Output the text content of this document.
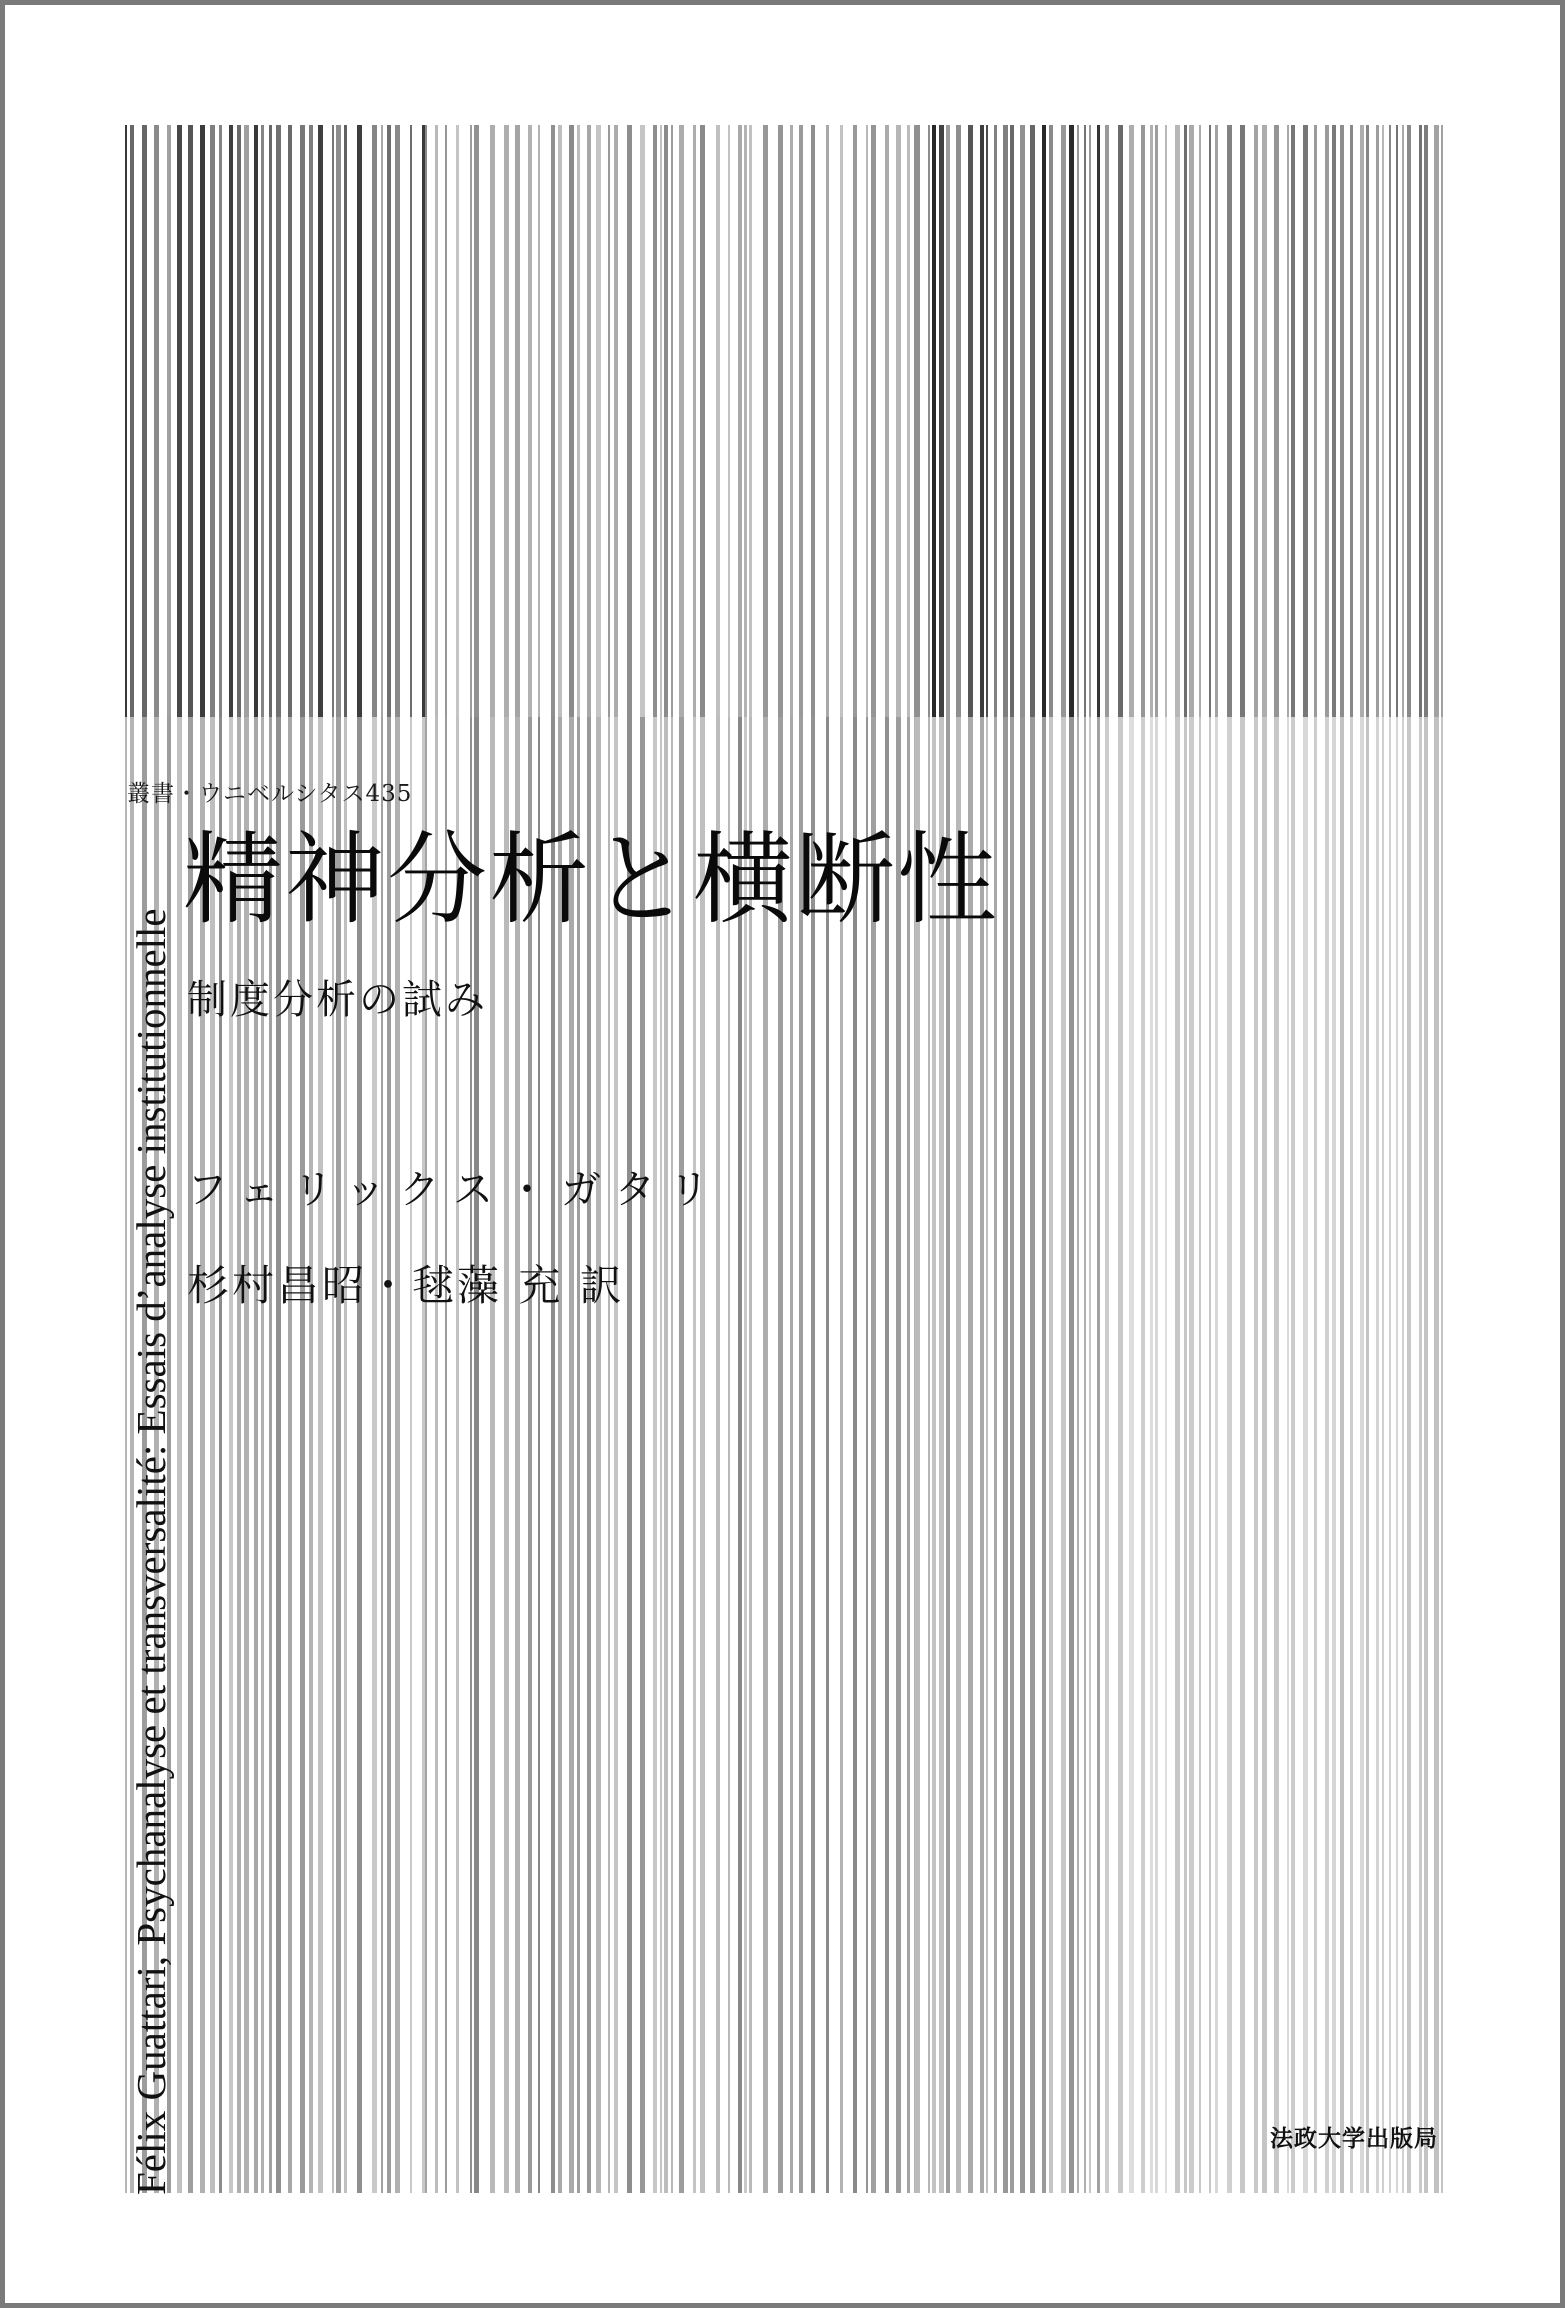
叢書・ウニベルシタス435
精神分析と横断性
制度分析の試み
フェリックス・ガタリ
杉村昌昭・毬藻 充 訳
Félix Guattari, Psychanalyse et transversalité: Essais d’analyse institutionnelle	法政大学出版局
